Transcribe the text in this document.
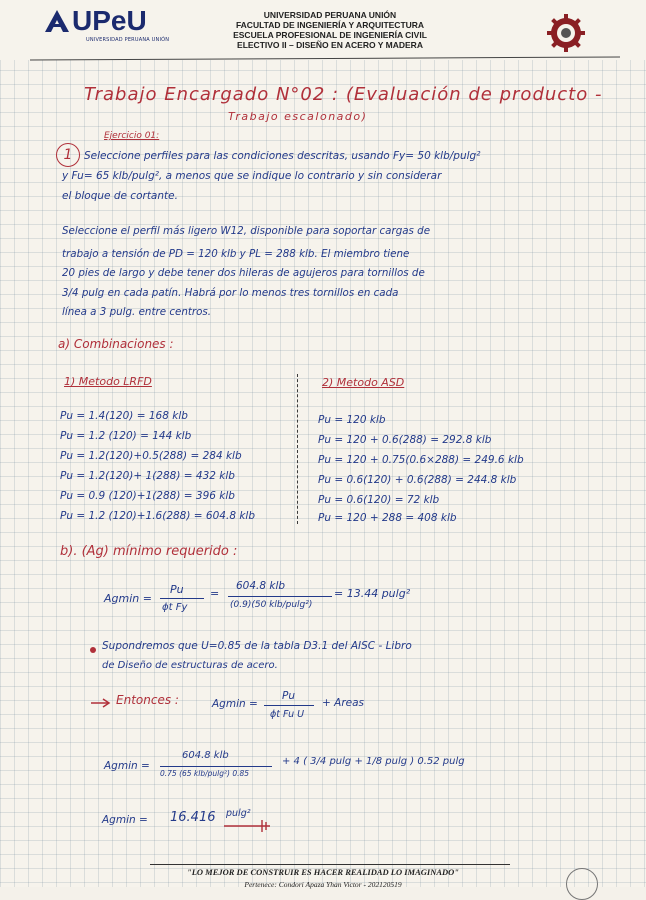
UPeU
UNIVERSIDAD PERUANA UNIÓN
UNIVERSIDAD PERUANA UNIÓN
FACULTAD DE INGENIERÍA Y ARQUITECTURA
ESCUELA PROFESIONAL DE INGENIERÍA CIVIL
ELECTIVO II – DISEÑO EN ACERO Y MADERA
Trabajo Encargado N°02 : (Evaluación de producto -
Trabajo escalonado)
1
Ejercicio 01:
Seleccione perfiles para las condiciones descritas, usando Fy= 50 klb/pulg²
y Fu= 65 klb/pulg², a menos que se indique lo contrario y sin considerar
el bloque de cortante.
Seleccione el perfil más ligero W12, disponible para soportar cargas de
trabajo a tensión de PD = 120 klb y PL = 288 klb. El miembro tiene
20 pies de largo y debe tener dos hileras de agujeros para tornillos de
3/4 pulg en cada patín. Habrá por lo menos tres tornillos en cada
línea a 3 pulg. entre centros.
a) Combinaciones :
1) Metodo LRFD	2) Metodo ASD
Pu = 1.4(120) = 168 klb
Pu = 1.2 (120) = 144 klb
Pu = 1.2(120)+0.5(288) = 284 klb
Pu = 1.2(120)+ 1(288) = 432 klb
Pu = 0.9 (120)+1(288) = 396 klb
Pu = 1.2 (120)+1.6(288) = 604.8 klb
Pu = 120 klb
Pu = 120 + 0.6(288) = 292.8 klb
Pu = 120 + 0.75(0.6×288) = 249.6 klb
Pu = 0.6(120) + 0.6(288) = 244.8 klb
Pu = 0.6(120) = 72 klb
Pu = 120 + 288 = 408 klb
b). (Ag) mínimo requerido :
Agmin =
Pu
ϕt Fy
=
604.8 klb
(0.9)(50 klb/pulg²)
= 13.44 pulg²
Supondremos que U=0.85 de la tabla D3.1 del AISC - Libro
de Diseño de estructuras de acero.
Entonces :	Agmin =
Pu
ϕt Fu U
+ Areas
Agmin =
604.8 klb
0.75 (65 klb/pulg²) 0.85
+ 4 ( 3/4 pulg + 1/8 pulg ) 0.52 pulg
Agmin = 16.416 pulg²
"LO MEJOR DE CONSTRUIR ES HACER REALIDAD LO IMAGINADO"
Pertenece: Condori Apaza Yhan Victor - 202120519
